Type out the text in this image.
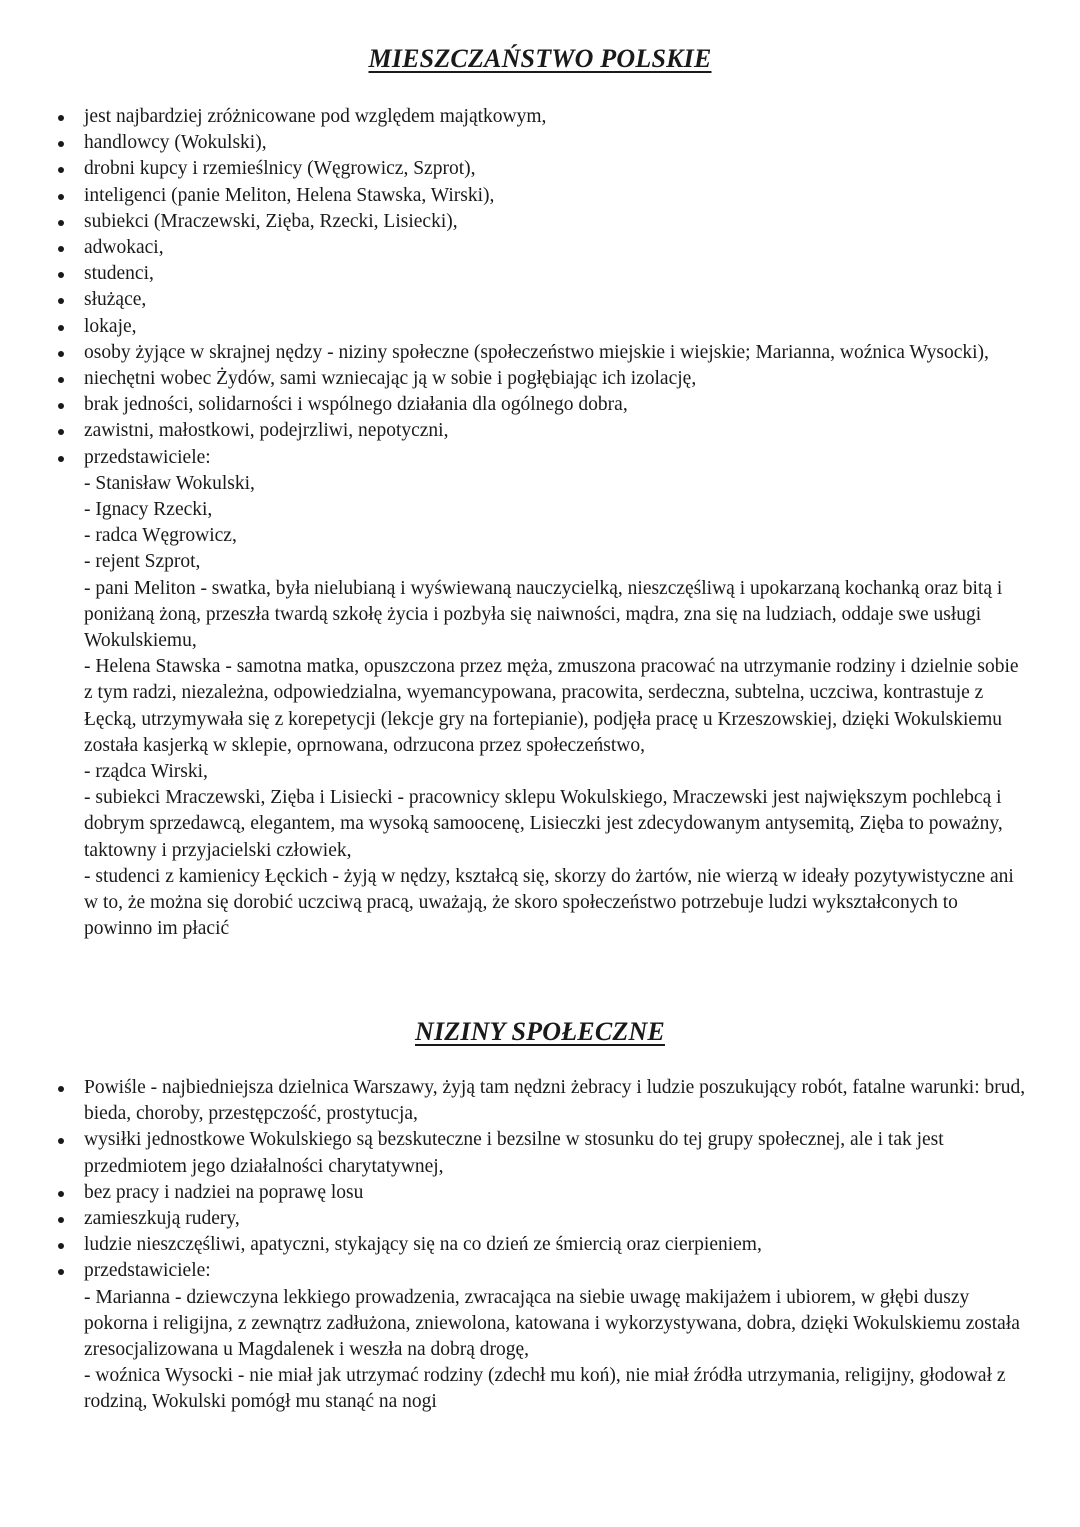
MIESZCZAŃSTWO POLSKIE
jest najbardziej zróżnicowane pod względem majątkowym,
handlowcy (Wokulski),
drobni kupcy i rzemieślnicy (Węgrowicz, Szprot),
inteligenci (panie Meliton, Helena Stawska, Wirski),
subiekci (Mraczewski, Zięba, Rzecki, Lisiecki),
adwokaci,
studenci,
służące,
lokaje,
osoby żyjące w skrajnej nędzy - niziny społeczne (społeczeństwo miejskie i wiejskie; Marianna, woźnica Wysocki),
niechętni wobec Żydów, sami wzniecając ją w sobie i pogłębiając ich izolację,
brak jedności, solidarności i wspólnego działania dla ogólnego dobra,
zawistni, małostkowi, podejrzliwi, nepotyczni,
przedstawiciele:
- Stanisław Wokulski,
- Ignacy Rzecki,
- radca Węgrowicz,
- rejent Szprot,
- pani Meliton - swatka, była nielubianą i wyświewaną nauczycielką, nieszczęśliwą i upokarzaną kochanką oraz bitą i poniżaną żoną, przeszła twardą szkołę życia i pozbyła się naiwności, mądra, zna się na ludziach, oddaje swe usługi Wokulskiemu,
- Helena Stawska - samotna matka, opuszczona przez męża, zmuszona pracować na utrzymanie rodziny i dzielnie sobie z tym radzi, niezależna, odpowiedzialna, wyemancypowana, pracowita, serdeczna, subtelna, uczciwa, kontrastuje z Łęcką, utrzymywała się z korepetycji (lekcje gry na fortepianie), podjęła pracę u Krzeszowskiej, dzięki Wokulskiemu została kasjerką w sklepie, oprnowana, odrzucona przez społeczeństwo,
- rządca Wirski,
- subiekci Mraczewski, Zięba i Lisiecki - pracownicy sklepu Wokulskiego, Mraczewski jest największym pochlebcą i dobrym sprzedawcą, elegantem, ma wysoką samoocenę, Lisieczki jest zdecydowanym antysemitą, Zięba to poważny, taktowny i przyjacielski człowiek,
- studenci z kamienicy Łęckich - żyją w nędzy, kształcą się, skorzy do żartów, nie wierzą w ideały pozytywistyczne ani w to, że można się dorobić uczciwą pracą, uważają, że skoro społeczeństwo potrzebuje ludzi wykształconych to powinno im płacić
NIZINY SPOŁECZNE
Powiśle - najbiedniejsza dzielnica Warszawy, żyją tam nędzni żebracy i ludzie poszukujący robót, fatalne warunki: brud, bieda, choroby, przestępczość, prostytucja,
wysiłki jednostkowe Wokulskiego są bezskuteczne i bezsilne w stosunku do tej grupy społecznej, ale i tak jest przedmiotem jego działalności charytatywnej,
bez pracy i nadziei na poprawę losu
zamieszkują rudery,
ludzie nieszczęśliwi, apatyczni, stykający się na co dzień ze śmiercią oraz cierpieniem,
przedstawiciele:
- Marianna - dziewczyna lekkiego prowadzenia, zwracająca na siebie uwagę makijażem i ubiorem, w głębi duszy pokorna i religijna, z zewnątrz zadłużona, zniewolona, katowana i wykorzystywana, dobra, dzięki Wokulskiemu została zresocjalizowana u Magdalenek i weszła na dobrą drogę,
- woźnica Wysocki - nie miał jak utrzymać rodziny (zdechł mu koń), nie miał źródła utrzymania, religijny, głodował z rodziną, Wokulski pomógł mu stanąć na nogi
